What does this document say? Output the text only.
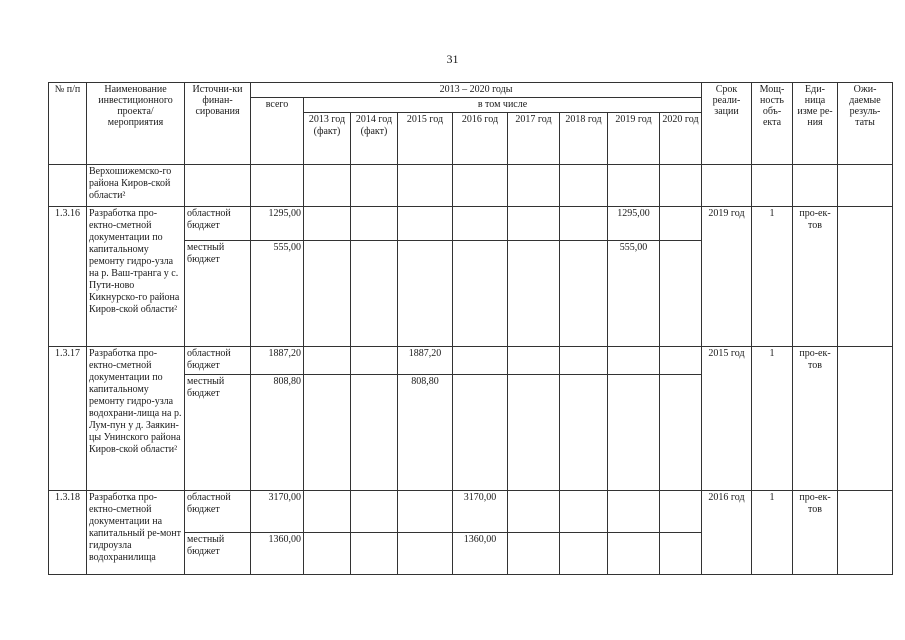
31
№ п/п	Наименование инвестиционного проекта/ мероприятия	Источни-ки финан-сирования	2013 – 2020 годы									Срок реали-зации	Мощ-ность объ-екта	Еди-ница изме ре-ния	Ожи-даемые резуль-таты
			всего	в том числе											
				2013 год (факт)	2014 год (факт)	2015 год	2016 год	2017 год	2018 год	2019 год	2020 год				
	Верхошижемско-го района Киров-ской области²														
1.3.16	Разработка про-ектно-сметной документации по капитальному ремонту гидро-узла на р. Ваш-транга у с. Пути-ново Кикнурско-го района Киров-ской области²	областной бюджет	1295,00							1295,00		2019 год	1	про-ек-тов	
		местный бюджет	555,00							555,00					
1.3.17	Разработка про-ектно-сметной документации по капитальному ремонту гидро-узла водохрани-лища на р. Лум-пун у д. Заякин-цы Унинского района Киров-ской области²	областной бюджет	1887,20			1887,20						2015 год	1	про-ек-тов	
		местный бюджет	808,80			808,80									
1.3.18	Разработка про-ектно-сметной документации на капитальный ре-монт гидроузла водохранилища	областной бюджет	3170,00				3170,00					2016 год	1	про-ек-тов	
		местный бюджет	1360,00				1360,00								
